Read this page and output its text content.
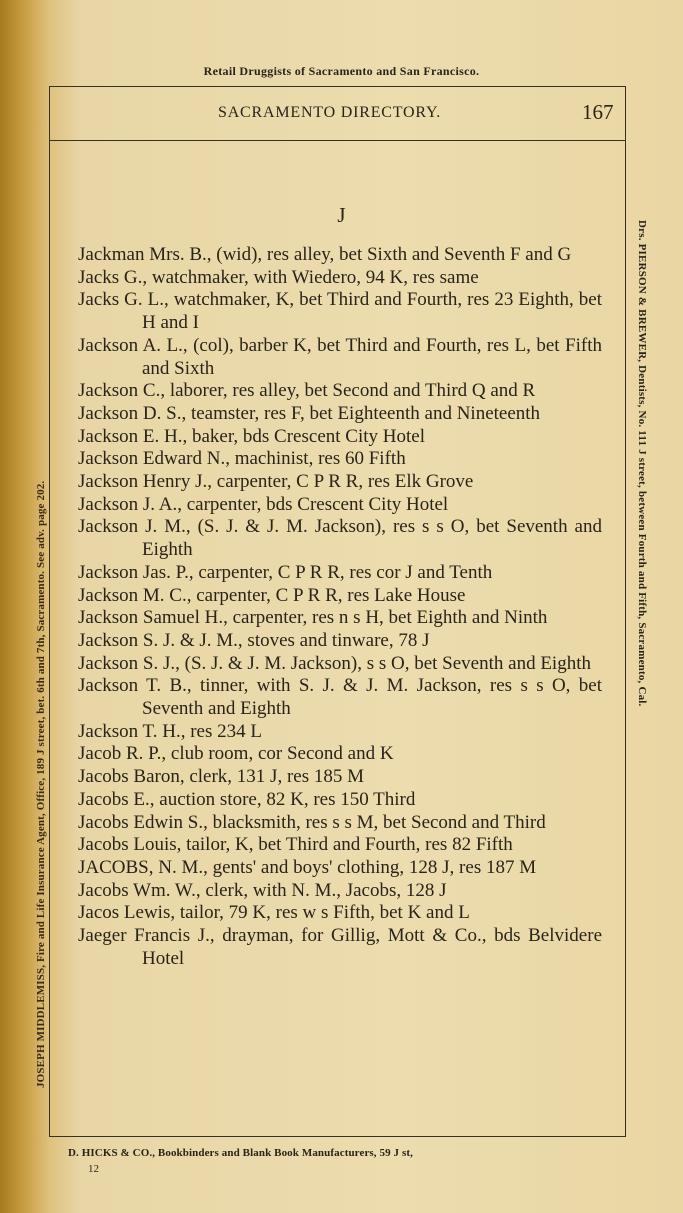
Retail Druggists of Sacramento and San Francisco.
SACRAMENTO DIRECTORY.	167
J
Jackman Mrs. B., (wid), res alley, bet Sixth and Seventh F and G
Jacks G., watchmaker, with Wiedero, 94 K, res same
Jacks G. L., watchmaker, K, bet Third and Fourth, res 23 Eighth, bet H and I
Jackson A. L., (col), barber K, bet Third and Fourth, res L, bet Fifth and Sixth
Jackson C., laborer, res alley, bet Second and Third Q and R
Jackson D. S., teamster, res F, bet Eighteenth and Nineteenth
Jackson E. H., baker, bds Crescent City Hotel
Jackson Edward N., machinist, res 60 Fifth
Jackson Henry J., carpenter, C P R R, res Elk Grove
Jackson J. A., carpenter, bds Crescent City Hotel
Jackson J. M., (S. J. & J. M. Jackson), res s s O, bet Seventh and Eighth
Jackson Jas. P., carpenter, C P R R, res cor J and Tenth
Jackson M. C., carpenter, C P R R, res Lake House
Jackson Samuel H., carpenter, res n s H, bet Eighth and Ninth
Jackson S. J. & J. M., stoves and tinware, 78 J
Jackson S. J., (S. J. & J. M. Jackson), s s O, bet Seventh and Eighth
Jackson T. B., tinner, with S. J. & J. M. Jackson, res s s O, bet Seventh and Eighth
Jackson T. H., res 234 L
Jacob R. P., club room, cor Second and K
Jacobs Baron, clerk, 131 J, res 185 M
Jacobs E., auction store, 82 K, res 150 Third
Jacobs Edwin S., blacksmith, res s s M, bet Second and Third
Jacobs Louis, tailor, K, bet Third and Fourth, res 82 Fifth
JACOBS, N. M., gents' and boys' clothing, 128 J, res 187 M
Jacobs Wm. W., clerk, with N. M., Jacobs, 128 J
Jacos Lewis, tailor, 79 K, res w s Fifth, bet K and L
Jaeger Francis J., drayman, for Gillig, Mott & Co., bds Belvidere Hotel
JOSEPH MIDDLEMISS, Fire and Life Insurance Agent, Office, 189 J street, bet. 6th and 7th, Sacramento. See adv. page 202.
Drs. PIERSON & BREWER, Dentists, No. 111 J street, between Fourth and Fifth, Sacramento, Cal.
D. HICKS & CO., Bookbinders and Blank Book Manufacturers, 59 J st,
12
